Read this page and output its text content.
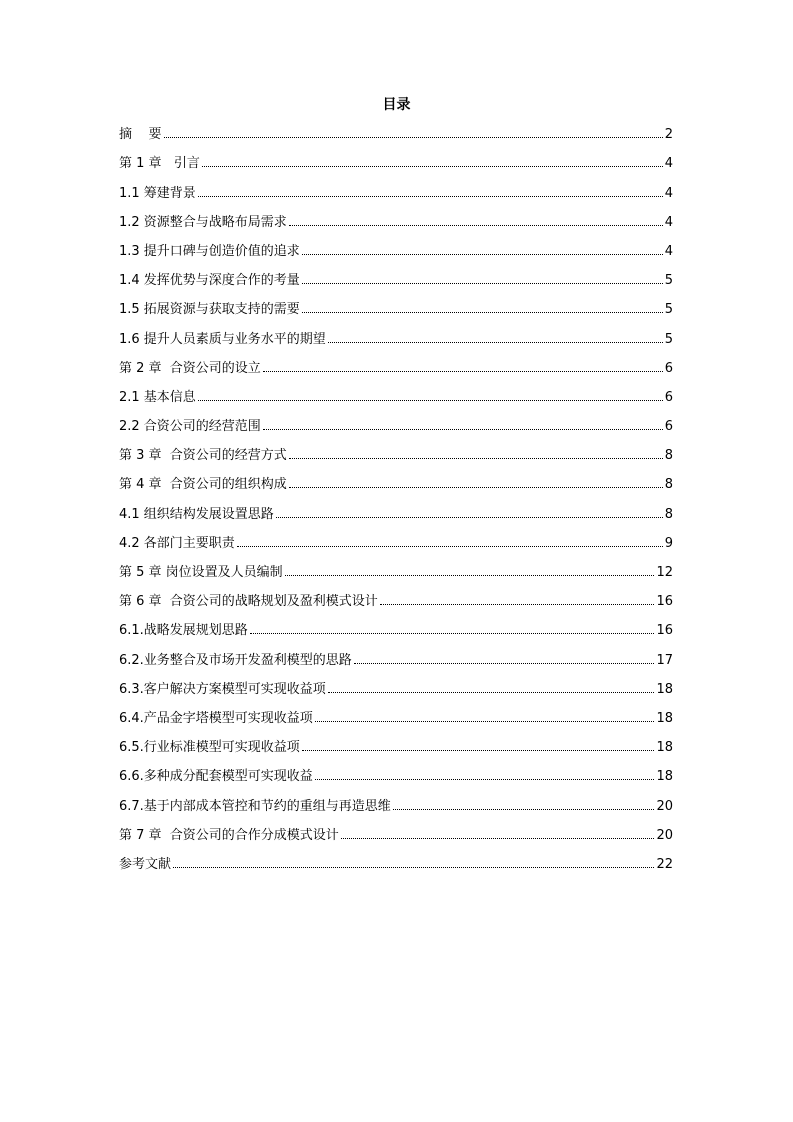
目录
摘    要	2
第 1 章   引言	4
1.1 筹建背景	4
1.2 资源整合与战略布局需求	4
1.3 提升口碑与创造价值的追求	4
1.4 发挥优势与深度合作的考量	5
1.5 拓展资源与获取支持的需要	5
1.6 提升人员素质与业务水平的期望	5
第 2 章  合资公司的设立	6
2.1 基本信息	6
2.2 合资公司的经营范围	6
第 3 章  合资公司的经营方式	8
第 4 章  合资公司的组织构成	8
4.1 组织结构发展设置思路	8
4.2 各部门主要职责	9
第 5 章 岗位设置及人员编制	12
第 6 章  合资公司的战略规划及盈利模式设计	16
6.1.战略发展规划思路	16
6.2.业务整合及市场开发盈利模型的思路	17
6.3.客户解决方案模型可实现收益项	18
6.4.产品金字塔模型可实现收益项	18
6.5.行业标准模型可实现收益项	18
6.6.多种成分配套模型可实现收益	18
6.7.基于内部成本管控和节约的重组与再造思维	20
第 7 章  合资公司的合作分成模式设计	20
参考文献	22
